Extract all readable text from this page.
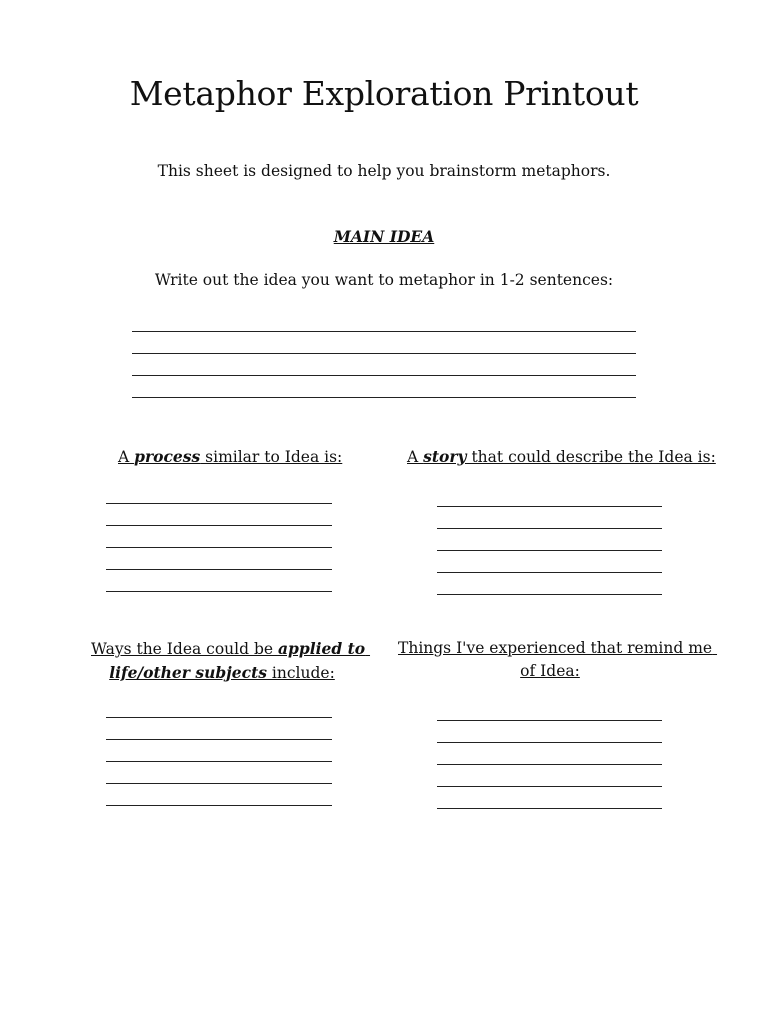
Metaphor Exploration Printout
This sheet is designed to help you brainstorm metaphors.
MAIN IDEA
Write out the idea you want to metaphor in 1-2 sentences:
A process similar to Idea is:	A story that could describe the Idea is:
Ways the Idea could be applied to
life/other subjects include:
Things I've experienced that remind me
of Idea:
